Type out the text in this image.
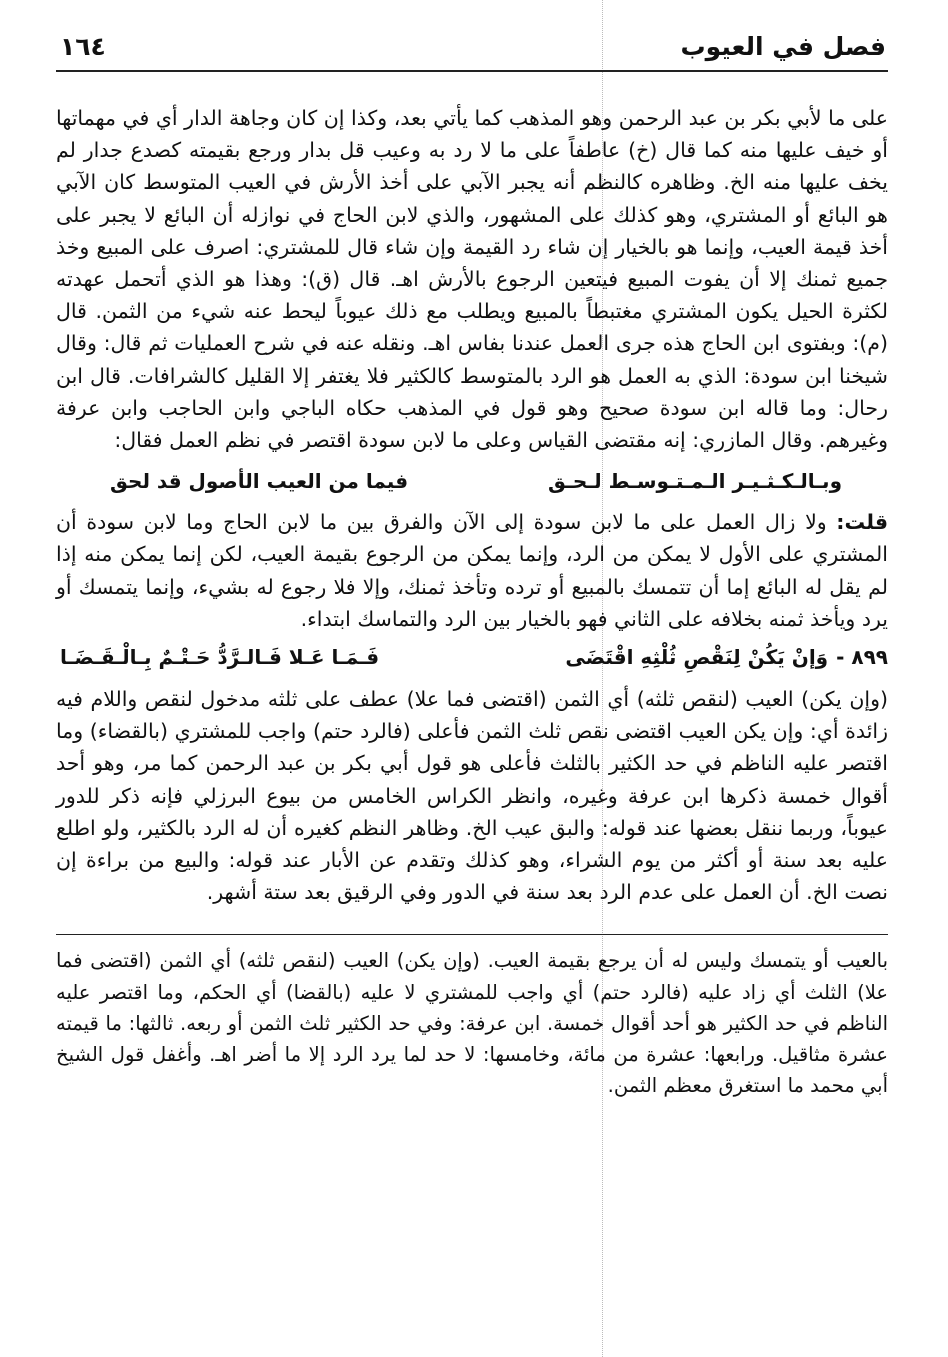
فصل في العيوب
١٦٤

على ما لأبي بكر بن عبد الرحمن وهو المذهب كما يأتي بعد، وكذا إن كان وجاهة الدار أي في مهماتها أو خيف عليها منه كما قال (خ) عاطفاً على ما لا رد به وعيب قل بدار ورجع بقيمته كصدع جدار لم يخف عليها منه الخ. وظاهره كالنظم أنه يجبر الآبي على أخذ الأرش في العيب المتوسط كان الآبي هو البائع أو المشتري، وهو كذلك على المشهور، والذي لابن الحاج في نوازله أن البائع لا يجبر على أخذ قيمة العيب، وإنما هو بالخيار إن شاء رد القيمة وإن شاء قال للمشتري: اصرف على المبيع وخذ جميع ثمنك إلا أن يفوت المبيع فيتعين الرجوع بالأرش اهـ. قال (ق): وهذا هو الذي أتحمل عهدته لكثرة الحيل يكون المشتري مغتبطاً بالمبيع ويطلب مع ذلك عيوباً ليحط عنه شيء من الثمن. قال (م): وبفتوى ابن الحاج هذه جرى العمل عندنا بفاس اهـ. ونقله عنه في شرح العمليات ثم قال: وقال شيخنا ابن سودة: الذي به العمل هو الرد بالمتوسط كالكثير فلا يغتفر إلا القليل كالشرافات. قال ابن رحال: وما قاله ابن سودة صحيح وهو قول في المذهب حكاه الباجي وابن الحاجب وابن عرفة وغيرهم. وقال المازري: إنه مقتضى القياس وعلى ما لابن سودة اقتصر في نظم العمل فقال:

وبـالـكـثـيـر الـمـتـوسـط لـحـق
فيما من العيب الأصول قد لحق

قلت: ولا زال العمل على ما لابن سودة إلى الآن والفرق بين ما لابن الحاج وما لابن سودة أن المشتري على الأول لا يمكن من الرد، وإنما يمكن من الرجوع بقيمة العيب، لكن إنما يمكن منه إذا لم يقل له البائع إما أن تتمسك بالمبيع أو ترده وتأخذ ثمنك، وإلا فلا رجوع له بشيء، وإنما يتمسك أو يرد ويأخذ ثمنه بخلافه على الثاني فهو بالخيار بين الرد والتماسك ابتداء.

٨٩٩ -
وَإنْ يَكُنْ لِنَقْصِ ثُلْثِهِ اقْتَضَى
فَـمَـا عَـلا فَـالـرَّدُّ حَـتْـمٌ بِـالْـقَـضَـا

(وإن يكن) العيب (لنقص ثلثه) أي الثمن (اقتضى فما علا) عطف على ثلثه مدخول لنقص واللام فيه زائدة أي: وإن يكن العيب اقتضى نقص ثلث الثمن فأعلى (فالرد حتم) واجب للمشتري (بالقضاء) وما اقتصر عليه الناظم في حد الكثير بالثلث فأعلى هو قول أبي بكر بن عبد الرحمن كما مر، وهو أحد أقوال خمسة ذكرها ابن عرفة وغيره، وانظر الكراس الخامس من بيوع البرزلي فإنه ذكر للدور عيوباً، وربما ننقل بعضها عند قوله: والبق عيب الخ. وظاهر النظم كغيره أن له الرد بالكثير، ولو اطلع عليه بعد سنة أو أكثر من يوم الشراء، وهو كذلك وتقدم عن الأبار عند قوله: والبيع من براءة إن نصت الخ. أن العمل على عدم الرد بعد سنة في الدور وفي الرقيق بعد ستة أشهر.

بالعيب أو يتمسك وليس له أن يرجع بقيمة العيب. (وإن يكن) العيب (لنقص ثلثه) أي الثمن (اقتضى فما علا) الثلث أي زاد عليه (فالرد حتم) أي واجب للمشتري لا عليه (بالقضا) أي الحكم، وما اقتصر عليه الناظم في حد الكثير هو أحد أقوال خمسة. ابن عرفة: وفي حد الكثير ثلث الثمن أو ربعه. ثالثها: ما قيمته عشرة مثاقيل. ورابعها: عشرة من مائة، وخامسها: لا حد لما يرد الرد إلا ما أضر اهـ. وأغفل قول الشيخ أبي محمد ما استغرق معظم الثمن.
